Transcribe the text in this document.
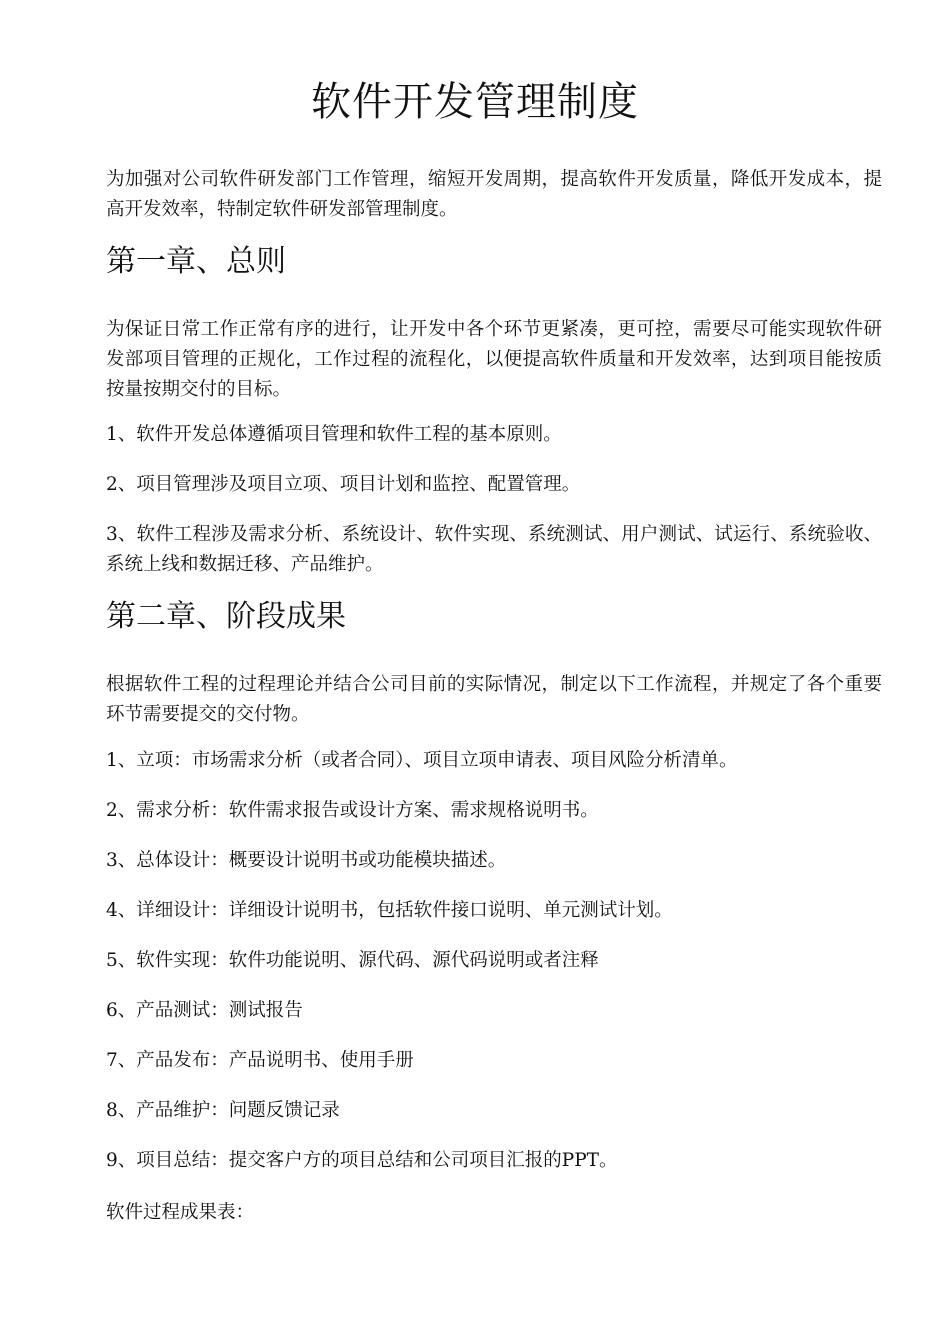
软件开发管理制度
为加强对公司软件研发部门工作管理，缩短开发周期，提高软件开发质量，降低开发成本，提高开发效率，特制定软件研发部管理制度。
第一章、总则
为保证日常工作正常有序的进行，让开发中各个环节更紧凑，更可控，需要尽可能实现软件研发部项目管理的正规化，工作过程的流程化，以便提高软件质量和开发效率，达到项目能按质按量按期交付的目标。
1、软件开发总体遵循项目管理和软件工程的基本原则。
2、项目管理涉及项目立项、项目计划和监控、配置管理。
3、软件工程涉及需求分析、系统设计、软件实现、系统测试、用户测试、试运行、系统验收、系统上线和数据迁移、产品维护。
第二章、阶段成果
根据软件工程的过程理论并结合公司目前的实际情况，制定以下工作流程，并规定了各个重要环节需要提交的交付物。
1、立项：市场需求分析（或者合同）、项目立项申请表、项目风险分析清单。
2、需求分析：软件需求报告或设计方案、需求规格说明书。
3、总体设计：概要设计说明书或功能模块描述。
4、详细设计：详细设计说明书，包括软件接口说明、单元测试计划。
5、软件实现：软件功能说明、源代码、源代码说明或者注释
6、产品测试：测试报告
7、产品发布：产品说明书、使用手册
8、产品维护：问题反馈记录
9、项目总结：提交客户方的项目总结和公司项目汇报的PPT。
软件过程成果表：
